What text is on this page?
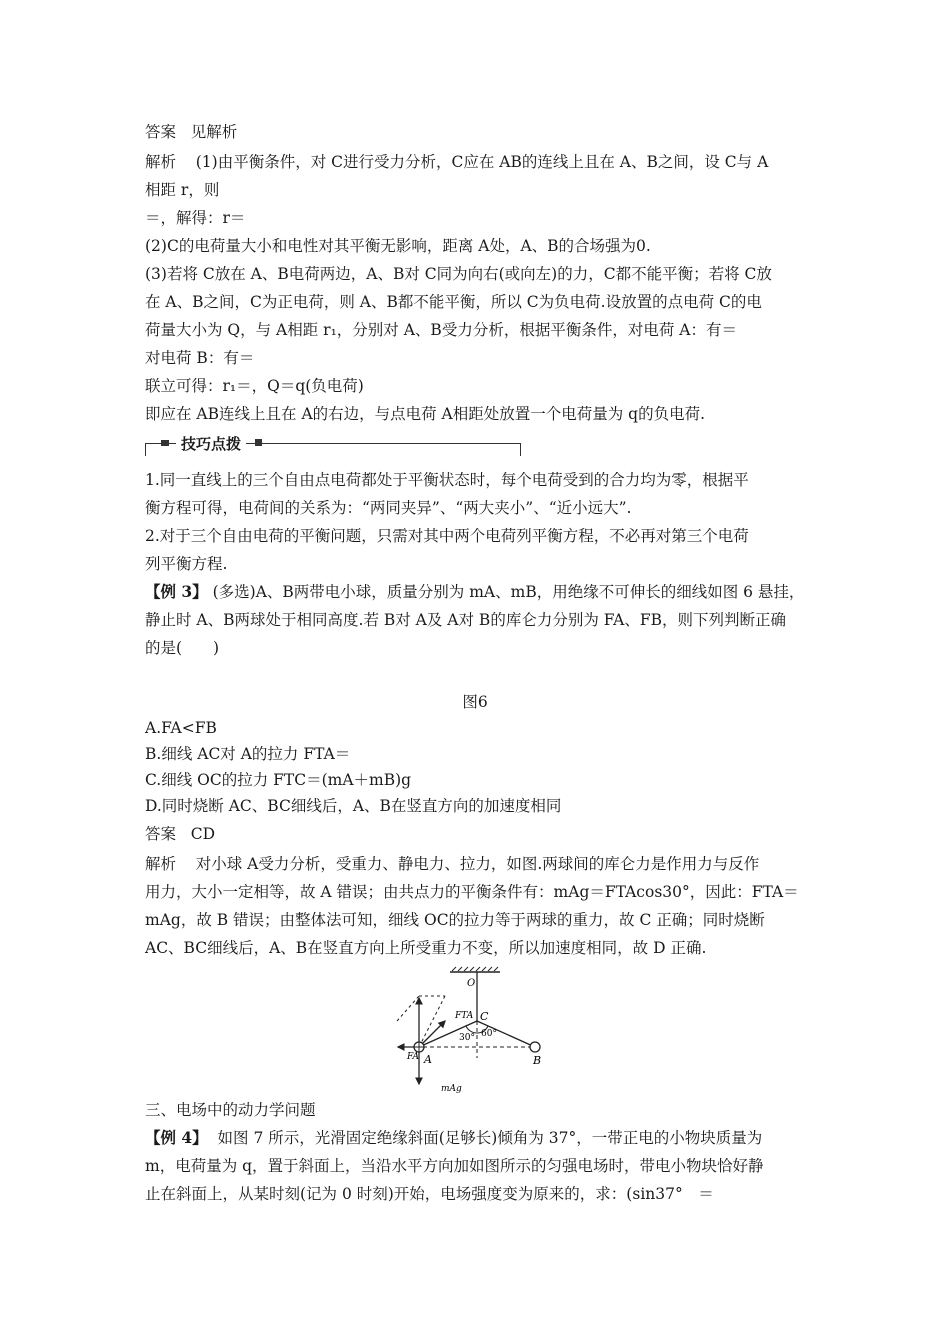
答案 见解析
解析 (1)由平衡条件，对 C进行受力分析，C应在 AB的连线上且在 A、B之间，设 C与 A
相距 r，则
＝，解得：r＝
(2)C的电荷量大小和电性对其平衡无影响，距离 A处，A、B的合场强为0.
(3)若将 C放在 A、B电荷两边，A、B对 C同为向右(或向左)的力，C都不能平衡；若将 C放
在 A、B之间，C为正电荷，则 A、B都不能平衡，所以 C为负电荷.设放置的点电荷 C的电
荷量大小为 Q，与 A相距 r₁，分别对 A、B受力分析，根据平衡条件，对电荷 A：有＝
对电荷 B：有＝
联立可得：r₁＝，Q＝q(负电荷)
即应在 AB连线上且在 A的右边，与点电荷 A相距处放置一个电荷量为 q的负电荷.
技巧点拨
1.同一直线上的三个自由点电荷都处于平衡状态时，每个电荷受到的合力均为零，根据平
衡方程可得，电荷间的关系为：“两同夹异”、“两大夹小”、“近小远大”.
2.对于三个自由电荷的平衡问题，只需对其中两个电荷列平衡方程，不必再对第三个电荷
列平衡方程.
【例 3】 (多选)A、B两带电小球，质量分别为 mA、mB，用绝缘不可伸长的细线如图 6 悬挂，
静止时 A、B两球处于相同高度.若 B对 A及 A对 B的库仑力分别为 FA、FB，则下列判断正确
的是(　　)
图6
A.FA<FB
B.细线 AC对 A的拉力 FTA＝
C.细线 OC的拉力 FTC＝(mA＋mB)g
D.同时烧断 AC、BC细线后，A、B在竖直方向的加速度相同
答案 CD
解析 对小球 A受力分析，受重力、静电力、拉力，如图.两球间的库仑力是作用力与反作
用力，大小一定相等，故 A 错误；由共点力的平衡条件有：mAg＝FTAcos30°，因此：FTA＝
mAg，故 B 错误；由整体法可知，细线 OC的拉力等于两球的重力，故 C 正确；同时烧断
AC、BC细线后，A、B在竖直方向上所受重力不变，所以加速度相同，故 D 正确.
O
FTA C
30° 60°
FA A	B
mAg
三、电场中的动力学问题
【例 4】 如图 7 所示，光滑固定绝缘斜面(足够长)倾角为 37°，一带正电的小物块质量为
m，电荷量为 q，置于斜面上，当沿水平方向加如图所示的匀强电场时，带电小物块恰好静
止在斜面上，从某时刻(记为 0 时刻)开始，电场强度变为原来的，求：(sin37°　＝
